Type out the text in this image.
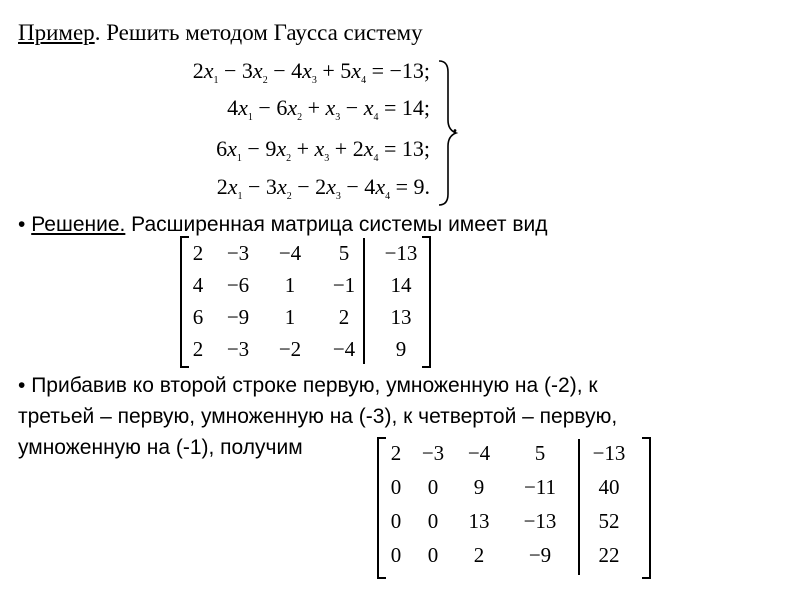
Пример. Решить методом Гаусса систему
$2x_1 - 3x_2 - 4x_3 + 5x_4 = -13$;
$4x_1 - 6x_2 + x_3 - x_4 = 14$;
$6x_1 - 9x_2 + x_3 + 2x_4 = 13$;
$2x_1 - 3x_2 - 2x_3 - 4x_4 = 9$.
.
• Решение. Расширенная матрица системы имеет вид
2	−3	−4	5	−13
4	−6	1	−1	14
6	−9	1	2	13
2	−3	−2	−4	9
• Прибавив ко второй строке первую, умноженную на (-2), к
третьей – первую, умноженную на (-3), к четвертой – первую,
умноженную на (-1), получим	2	−3	−4	5	−13
0	0	9	−11	40
0	0	13	−13	52
0	0	2	−9	22
